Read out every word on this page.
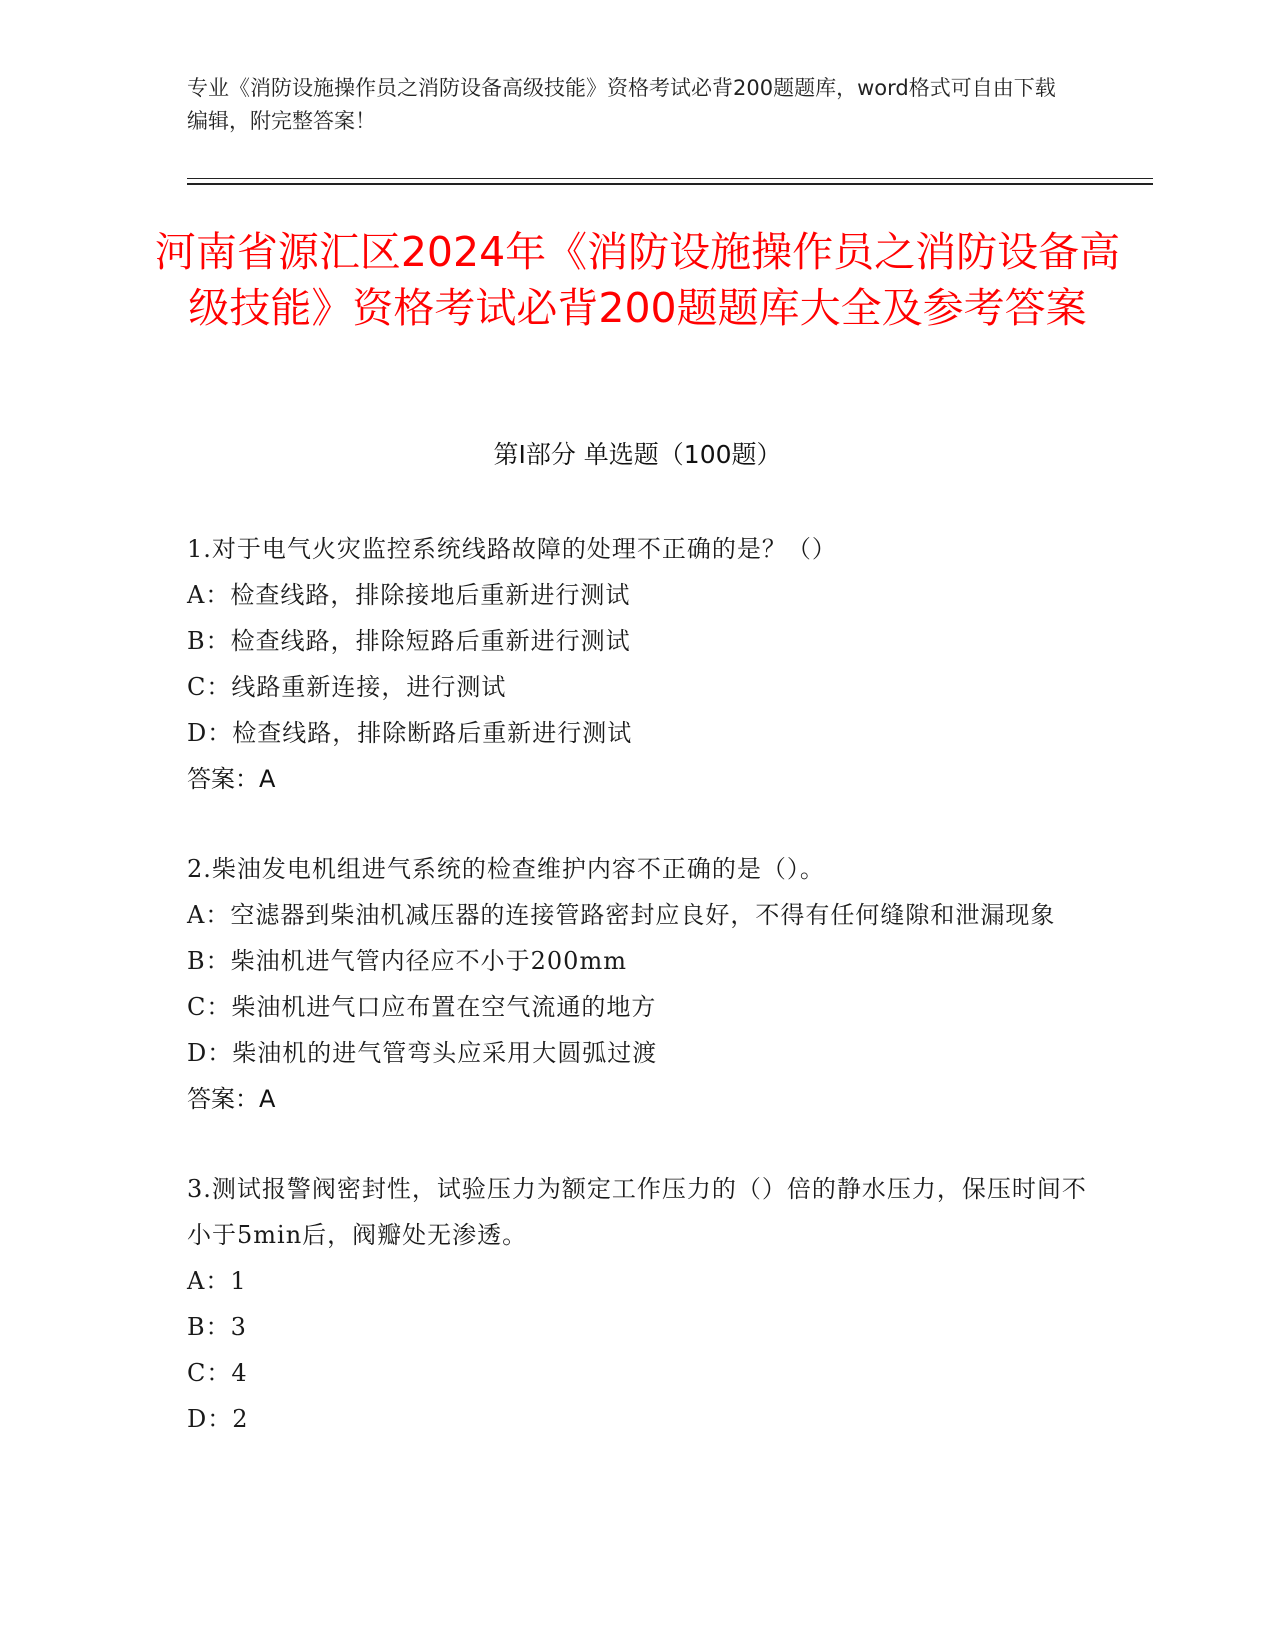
专业《消防设施操作员之消防设备高级技能》资格考试必背200题题库，word格式可自由下载编辑，附完整答案！
河南省源汇区2024年《消防设施操作员之消防设备高级技能》资格考试必背200题题库大全及参考答案
第I部分 单选题（100题）
1.对于电气火灾监控系统线路故障的处理不正确的是？（）
A：检查线路，排除接地后重新进行测试
B：检查线路，排除短路后重新进行测试
C：线路重新连接，进行测试
D：检查线路，排除断路后重新进行测试
答案：A
2.柴油发电机组进气系统的检查维护内容不正确的是（）。
A：空滤器到柴油机减压器的连接管路密封应良好，不得有任何缝隙和泄漏现象
B：柴油机进气管内径应不小于200mm
C：柴油机进气口应布置在空气流通的地方
D：柴油机的进气管弯头应采用大圆弧过渡
答案：A
3.测试报警阀密封性，试验压力为额定工作压力的（）倍的静水压力，保压时间不小于5min后，阀瓣处无渗透。
A：1
B：3
C：4
D：2
